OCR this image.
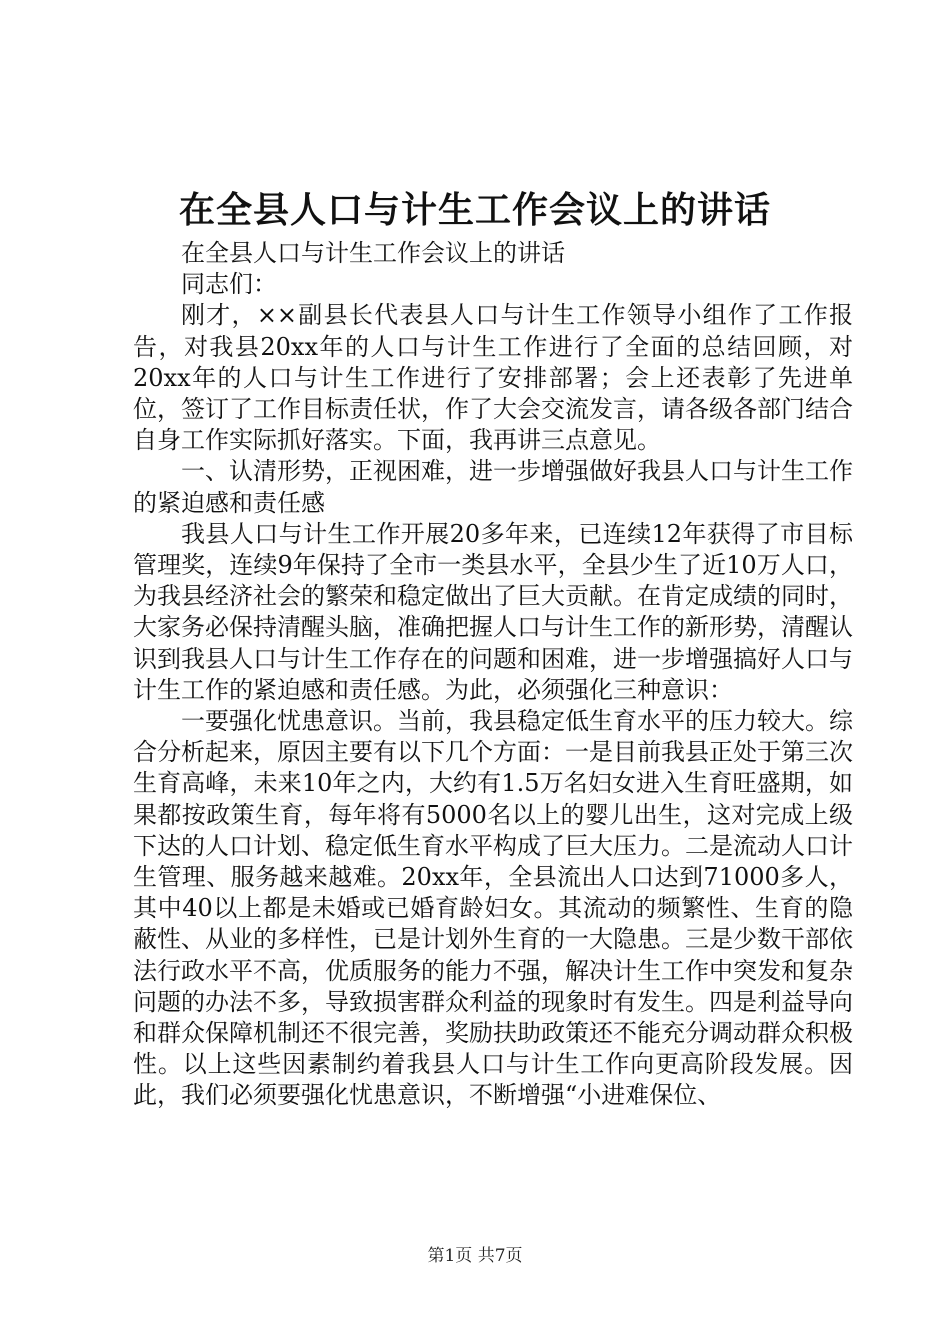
在全县人口与计生工作会议上的讲话

在全县人口与计生工作会议上的讲话

同志们：

刚才，××副县长代表县人口与计生工作领导小组作了工作报告，对我县20xx年的人口与计生工作进行了全面的总结回顾，对20xx年的人口与计生工作进行了安排部署；会上还表彰了先进单位，签订了工作目标责任状，作了大会交流发言，请各级各部门结合自身工作实际抓好落实。下面，我再讲三点意见。

一、认清形势，正视困难，进一步增强做好我县人口与计生工作的紧迫感和责任感

我县人口与计生工作开展20多年来，已连续12年获得了市目标管理奖，连续9年保持了全市一类县水平，全县少生了近10万人口，为我县经济社会的繁荣和稳定做出了巨大贡献。在肯定成绩的同时，大家务必保持清醒头脑，准确把握人口与计生工作的新形势，清醒认识到我县人口与计生工作存在的问题和困难，进一步增强搞好人口与计生工作的紧迫感和责任感。为此，必须强化三种意识：

一要强化忧患意识。当前，我县稳定低生育水平的压力较大。综合分析起来，原因主要有以下几个方面：一是目前我县正处于第三次生育高峰，未来10年之内，大约有1.5万名妇女进入生育旺盛期，如果都按政策生育，每年将有5000名以上的婴儿出生，这对完成上级下达的人口计划、稳定低生育水平构成了巨大压力。二是流动人口计生管理、服务越来越难。20xx年，全县流出人口达到71000多人，其中40以上都是未婚或已婚育龄妇女。其流动的频繁性、生育的隐蔽性、从业的多样性，已是计划外生育的一大隐患。三是少数干部依法行政水平不高，优质服务的能力不强，解决计生工作中突发和复杂问题的办法不多，导致损害群众利益的现象时有发生。四是利益导向和群众保障机制还不很完善，奖励扶助政策还不能充分调动群众积极性。以上这些因素制约着我县人口与计生工作向更高阶段发展。因此，我们必须要强化忧患意识，不断增强“小进难保位、

第1页 共7页
